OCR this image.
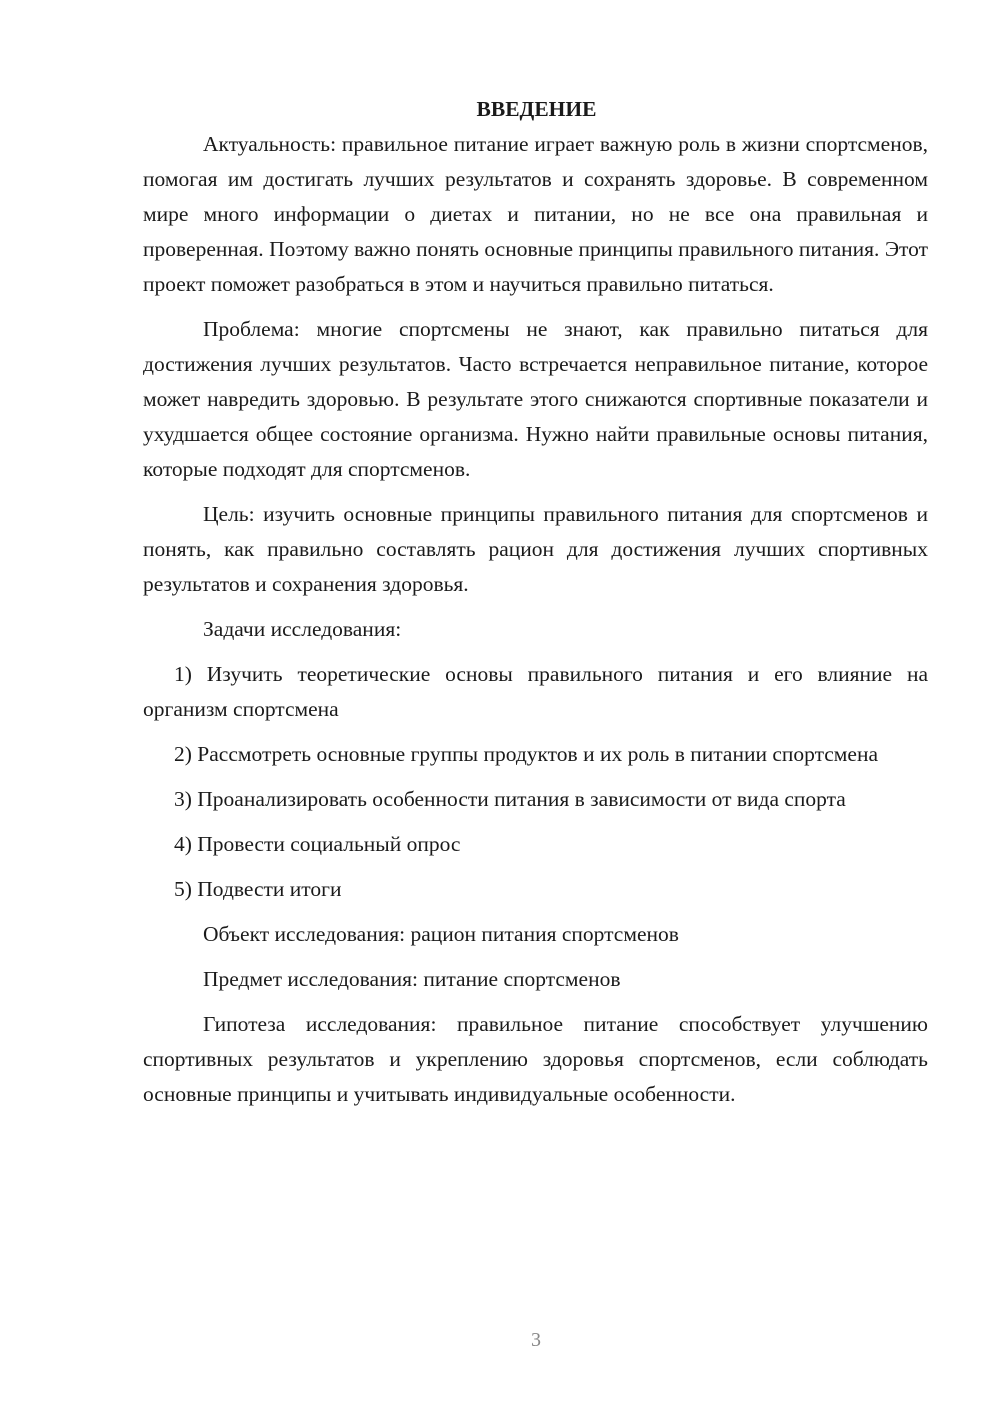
ВВЕДЕНИЕ

Актуальность: правильное питание играет важную роль в жизни спортсменов, помогая им достигать лучших результатов и сохранять здоровье. В современном мире много информации о диетах и питании, но не все она правильная и проверенная. Поэтому важно понять основные принципы правильного питания. Этот проект поможет разобраться в этом и научиться правильно питаться.

Проблема: многие спортсмены не знают, как правильно питаться для достижения лучших результатов. Часто встречается неправильное питание, которое может навредить здоровью. В результате этого снижаются спортивные показатели и ухудшается общее состояние организма. Нужно найти правильные основы питания, которые подходят для спортсменов.

Цель: изучить основные принципы правильного питания для спортсменов и понять, как правильно составлять рацион для достижения лучших спортивных результатов и сохранения здоровья.

Задачи исследования:

1) Изучить теоретические основы правильного питания и его влияние на организм спортсмена

2) Рассмотреть основные группы продуктов и их роль в питании спортсмена

3) Проанализировать особенности питания в зависимости от вида спорта

4) Провести социальный опрос

5) Подвести итоги

Объект исследования: рацион питания спортсменов

Предмет исследования: питание спортсменов

Гипотеза исследования: правильное питание способствует улучшению спортивных результатов и укреплению здоровья спортсменов, если соблюдать основные принципы и учитывать индивидуальные особенности.

3
